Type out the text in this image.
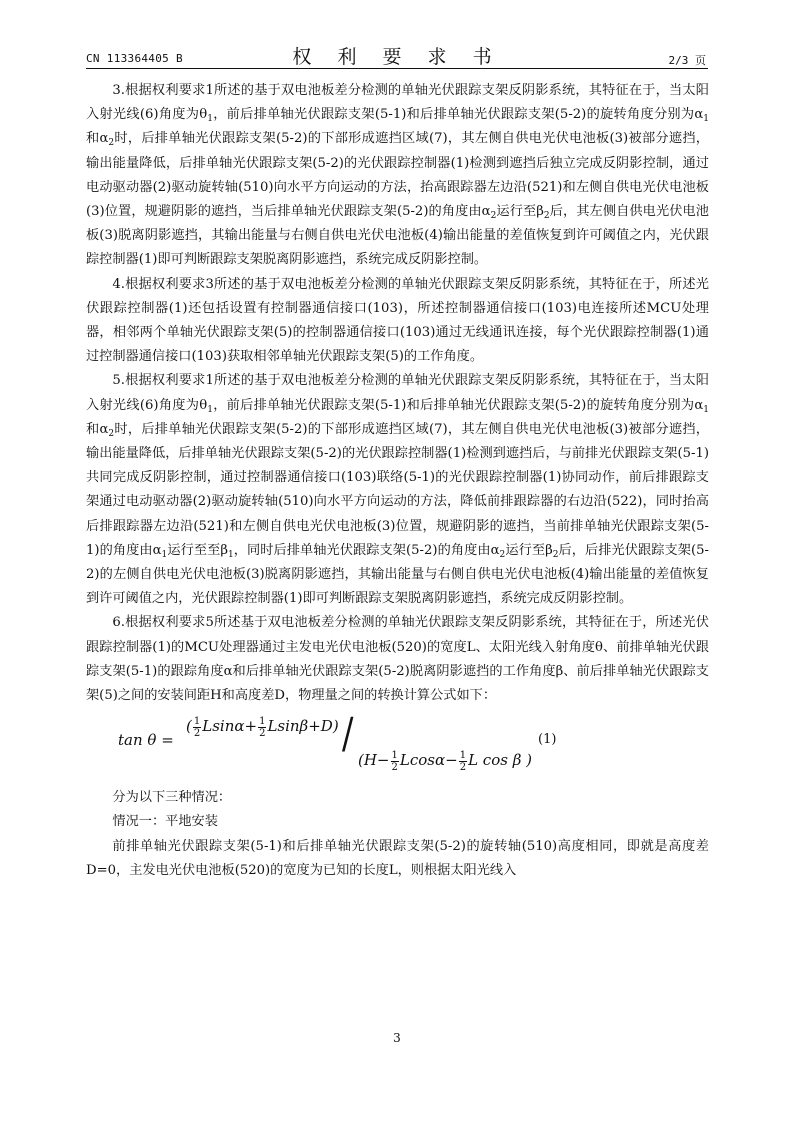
CN 113364405 B	权 利 要 求 书	2/3 页
3.根据权利要求1所述的基于双电池板差分检测的单轴光伏跟踪支架反阴影系统，其特征在于，当太阳入射光线(6)角度为$\theta_1$，前后排单轴光伏跟踪支架(5-1)和后排单轴光伏跟踪支架(5-2)的旋转角度分别为$\alpha_1$和$\alpha_2$时，后排单轴光伏跟踪支架(5-2)的下部形成遮挡区域(7)，其左侧自供电光伏电池板(3)被部分遮挡，输出能量降低，后排单轴光伏跟踪支架(5-2)的光伏跟踪控制器(1)检测到遮挡后独立完成反阴影控制，通过电动驱动器(2)驱动旋转轴(510)向水平方向运动的方法，抬高跟踪器左边沿(521)和左侧自供电光伏电池板(3)位置，规避阴影的遮挡，当后排单轴光伏跟踪支架(5-2)的角度由$\alpha_2$运行至$\beta_2$后，其左侧自供电光伏电池板(3)脱离阴影遮挡，其输出能量与右侧自供电光伏电池板(4)输出能量的差值恢复到许可阈值之内，光伏跟踪控制器(1)即可判断跟踪支架脱离阴影遮挡，系统完成反阴影控制。
4.根据权利要求3所述的基于双电池板差分检测的单轴光伏跟踪支架反阴影系统，其特征在于，所述光伏跟踪控制器(1)还包括设置有控制器通信接口(103)，所述控制器通信接口(103)电连接所述MCU处理器，相邻两个单轴光伏跟踪支架(5)的控制器通信接口(103)通过无线通讯连接，每个光伏跟踪控制器(1)通过控制器通信接口(103)获取相邻单轴光伏跟踪支架(5)的工作角度。
5.根据权利要求1所述的基于双电池板差分检测的单轴光伏跟踪支架反阴影系统，其特征在于，当太阳入射光线(6)角度为$\theta_1$，前后排单轴光伏跟踪支架(5-1)和后排单轴光伏跟踪支架(5-2)的旋转角度分别为$\alpha_1$和$\alpha_2$时，后排单轴光伏跟踪支架(5-2)的下部形成遮挡区域(7)，其左侧自供电光伏电池板(3)被部分遮挡，输出能量降低，后排单轴光伏跟踪支架(5-2)的光伏跟踪控制器(1)检测到遮挡后，与前排光伏跟踪支架(5-1)共同完成反阴影控制，通过控制器通信接口(103)联络(5-1)的光伏跟踪控制器(1)协同动作，前后排跟踪支架通过电动驱动器(2)驱动旋转轴(510)向水平方向运动的方法，降低前排跟踪器的右边沿(522)，同时抬高后排跟踪器左边沿(521)和左侧自供电光伏电池板(3)位置，规避阴影的遮挡，当前排单轴光伏跟踪支架(5-1)的角度由$\alpha_1$运行至至$\beta_1$，同时后排单轴光伏跟踪支架(5-2)的角度由$\alpha_2$运行至$\beta_2$后，后排光伏跟踪支架(5-2)的左侧自供电光伏电池板(3)脱离阴影遮挡，其输出能量与右侧自供电光伏电池板(4)输出能量的差值恢复到许可阈值之内，光伏跟踪控制器(1)即可判断跟踪支架脱离阴影遮挡，系统完成反阴影控制。
6.根据权利要求5所述基于双电池板差分检测的单轴光伏跟踪支架反阴影系统，其特征在于，所述光伏跟踪控制器(1)的MCU处理器通过主发电光伏电池板(520)的宽度L、太阳光线入射角度θ、前排单轴光伏跟踪支架(5-1)的跟踪角度α和后排单轴光伏跟踪支架(5-2)脱离阴影遮挡的工作角度β、前后排单轴光伏跟踪支架(5)之间的安装间距H和高度差D，物理量之间的转换计算公式如下：
tan θ =
( $\frac{1}{2} Lsin\alpha+ \frac{1}{2} Lsin\beta+D$) /
($H- \frac{1}{2} Lcos\alpha- \frac{1}{2}$ L cos β )
(1)
分为以下三种情况：
情况一：平地安装
前排单轴光伏跟踪支架(5-1)和后排单轴光伏跟踪支架(5-2)的旋转轴(510)高度相同，即就是高度差D=0，主发电光伏电池板(520)的宽度为已知的长度L，则根据太阳光线入
3
